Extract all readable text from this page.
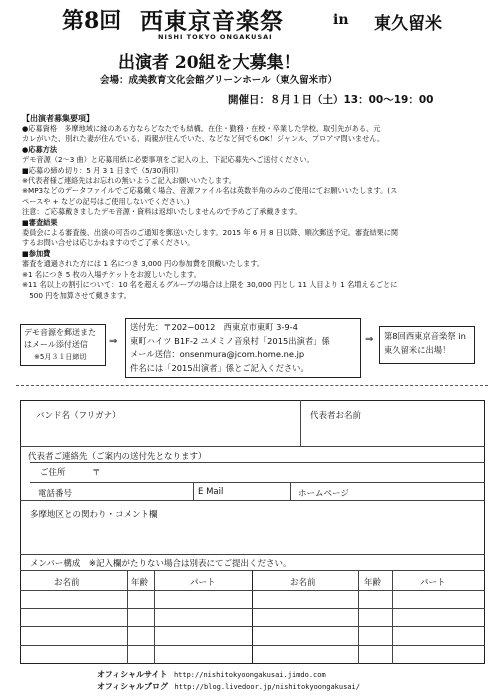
第8回 西東京音楽祭
NISHI TOKYO ONGAKUSAI
in 東久留米
出演者 20組を大募集！
会場：成美教育文化会館グリーンホール（東久留米市）
開催日：８月１日（土）13：00〜19：00
【出演者募集要項】
●応募資格　多摩地域に縁のある方ならどなたでも結構。在住・勤務・在校・卒業した学校、取引先がある、元
カレがいた、別れた妻が住んでいる、両親が住んでいた、などなど何でもOK！ジャンル、プロアマ問いません。
●応募方法
デモ音源（2〜3 曲）と応募用紙に必要事項をご記入の上、下記応募先へご送付ください。
■応募の締め切り：5 月 3 1 日まで（5/30消印）
※代表者様ご連絡先はお忘れの無いようご記入お願いいたします。
※MP3などのデータファイルでご応募戴く場合、音源ファイル名は英数半角のみのご使用にてお願いいたします。(ス
ペースや + などの記号はご使用しないでください。)
注意：ご応募戴きましたデモ音源・資料は返却いたしませんので予めご了承戴きます。
■審査結果
委員会による審査後、出演の可否のご通知を郵送いたします。2015 年 6 月 8 日以降、順次郵送予定。審査結果に関
するお問い合せは応じかねますのでご了承ください。
■参加費
審査を通過された方には 1 名につき 3,000 円の参加費を頂戴いたします。
※1 名につき 5 枚の入場チケットをお渡しいたします。
※11 名以上の割引について：10 名を超えるグループの場合は上限を 30,000 円とし 11 人目より 1 名増えるごとに
　500 円を加算させて戴きます。
デモ音源を郵送また
はメール添付送信
※5月３１日締切
⇒
送付先：〒202−0012　西東京市東町 3-9-4
東町ハイツ B1F-2 ユメミノ音泉村「2015出演者」係
メール送信：onsenmura@jcom.home.ne.jp
件名には「2015出演者」係とご記入ください。
⇒ 第8回西東京音楽祭 in
東久留米に出場！
バンド名（フリガナ）	代表者お名前
代表者ご連絡先（ご案内の送付先となります）
ご住所	〒
電話番号	E Mail	ホームページ
多摩地区との関わり・コメント欄
メンバー構成　※記入欄がたりない場合は別表にてご提出ください。
お名前	年齢	パート	お名前	年齢	パート
オフィシャルサイト http://nishitokyoongakusai.jimdo.com
オフィシャルブログ http://blog.livedoor.jp/nishitokyoongakusai/
